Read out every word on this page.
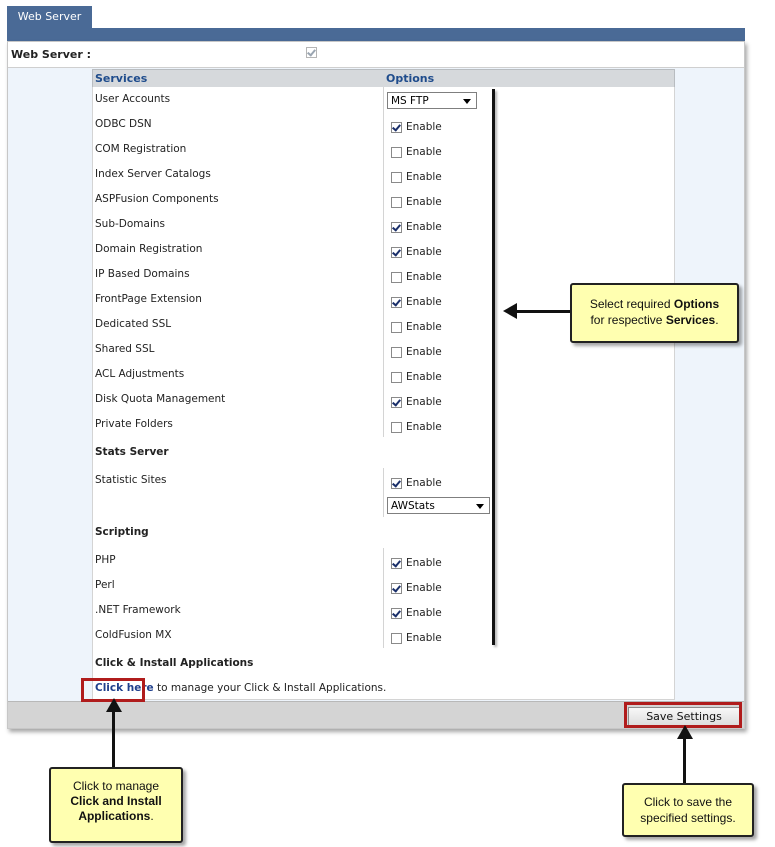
Web Server
Web Server :
Services	Options
User Accounts	MS FTP
ODBC DSN	Enable
COM Registration	Enable
Index Server Catalogs	Enable
ASPFusion Components	Enable
Sub-Domains	Enable
Domain Registration	Enable
IP Based Domains	Enable
FrontPage Extension	Enable
Dedicated SSL	Enable
Shared SSL	Enable
ACL Adjustments	Enable
Disk Quota Management	Enable
Private Folders	Enable
Stats Server
Statistic Sites	Enable
AWStats
Scripting
PHP	Enable
Perl	Enable
.NET Framework	Enable
ColdFusion MX	Enable
Click & Install Applications
Click here to manage your Click & Install Applications.
Save Settings
Select required Options
for respective Services.
Click to manage
Click and Install Applications.
Click to save the
specified settings.
